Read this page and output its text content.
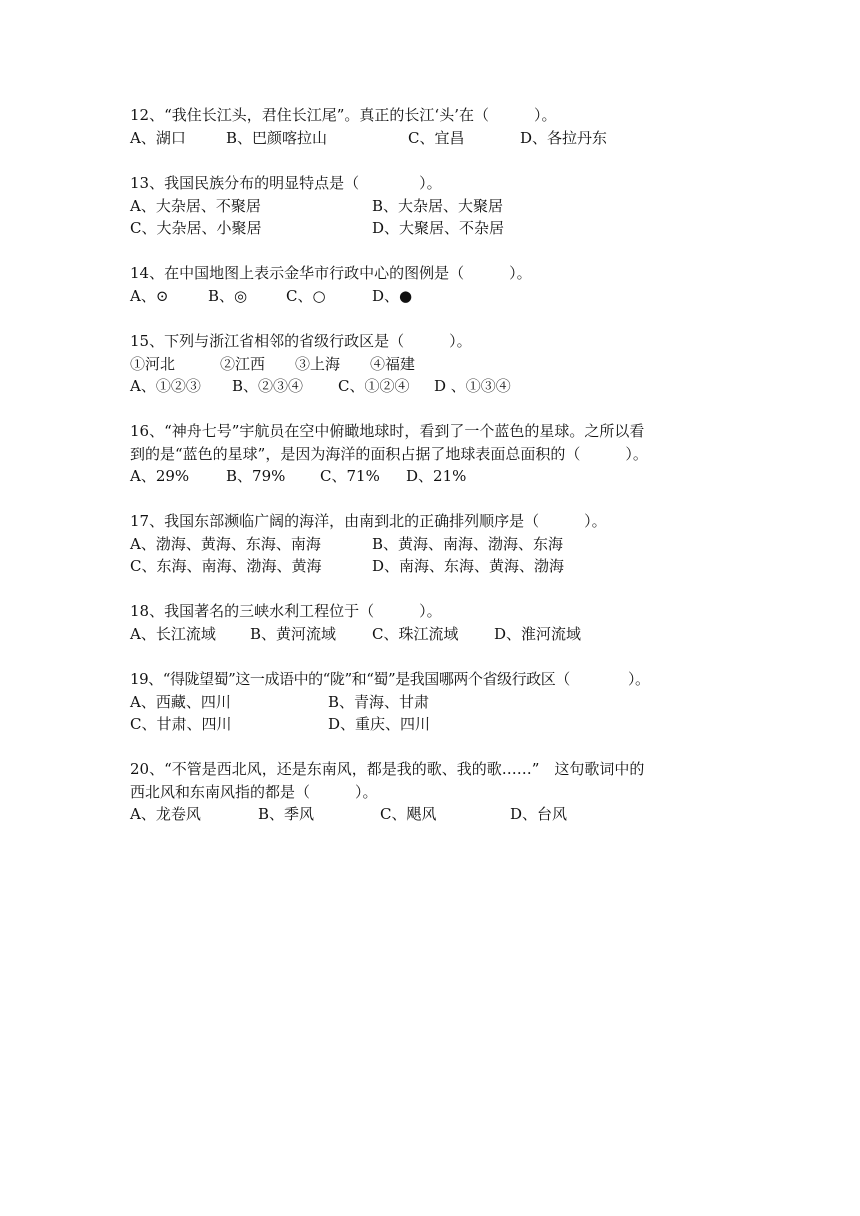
12、“我住长江头，君住长江尾”。真正的长江‘头’在（　　　）。
A、湖口	B、巴颜喀拉山	C、宜昌	D、各拉丹东
13、我国民族分布的明显特点是（　　　　）。
A、大杂居、不聚居	B、大杂居、大聚居
C、大杂居、小聚居	D、大聚居、不杂居
14、在中国地图上表示金华市行政中心的图例是（　　　）。
A、⊙	B、◎	C、○	D、●
15、下列与浙江省相邻的省级行政区是（　　　）。
①河北　　　②江西　　③上海　　④福建
A、①②③ B、②③④ C、①②④ D 、①③④
16、“神舟七号”宇航员在空中俯瞰地球时，看到了一个蓝色的星球。之所以看
到的是“蓝色的星球”，是因为海洋的面积占据了地球表面总面积的（　　　）。
A、29% B、79% C、71% D、21%
17、我国东部濒临广阔的海洋，由南到北的正确排列顺序是（　　　）。
A、渤海、黄海、东海、南海	B、黄海、南海、渤海、东海
C、东海、南海、渤海、黄海	D、南海、东海、黄海、渤海
18、我国著名的三峡水利工程位于（　　　）。
A、长江流域 B、黄河流域 C、珠江流域 D、淮河流域
19、“得陇望蜀”这一成语中的“陇”和“蜀”是我国哪两个省级行政区（　　　　）。
A、西藏、四川	B、青海、甘肃
C、甘肃、四川	D、重庆、四川
20、“不管是西北风，还是东南风，都是我的歌、我的歌……”　这句歌词中的
西北风和东南风指的都是（　　　）。
A、龙卷风	B、季风	C、飓风	D、台风
